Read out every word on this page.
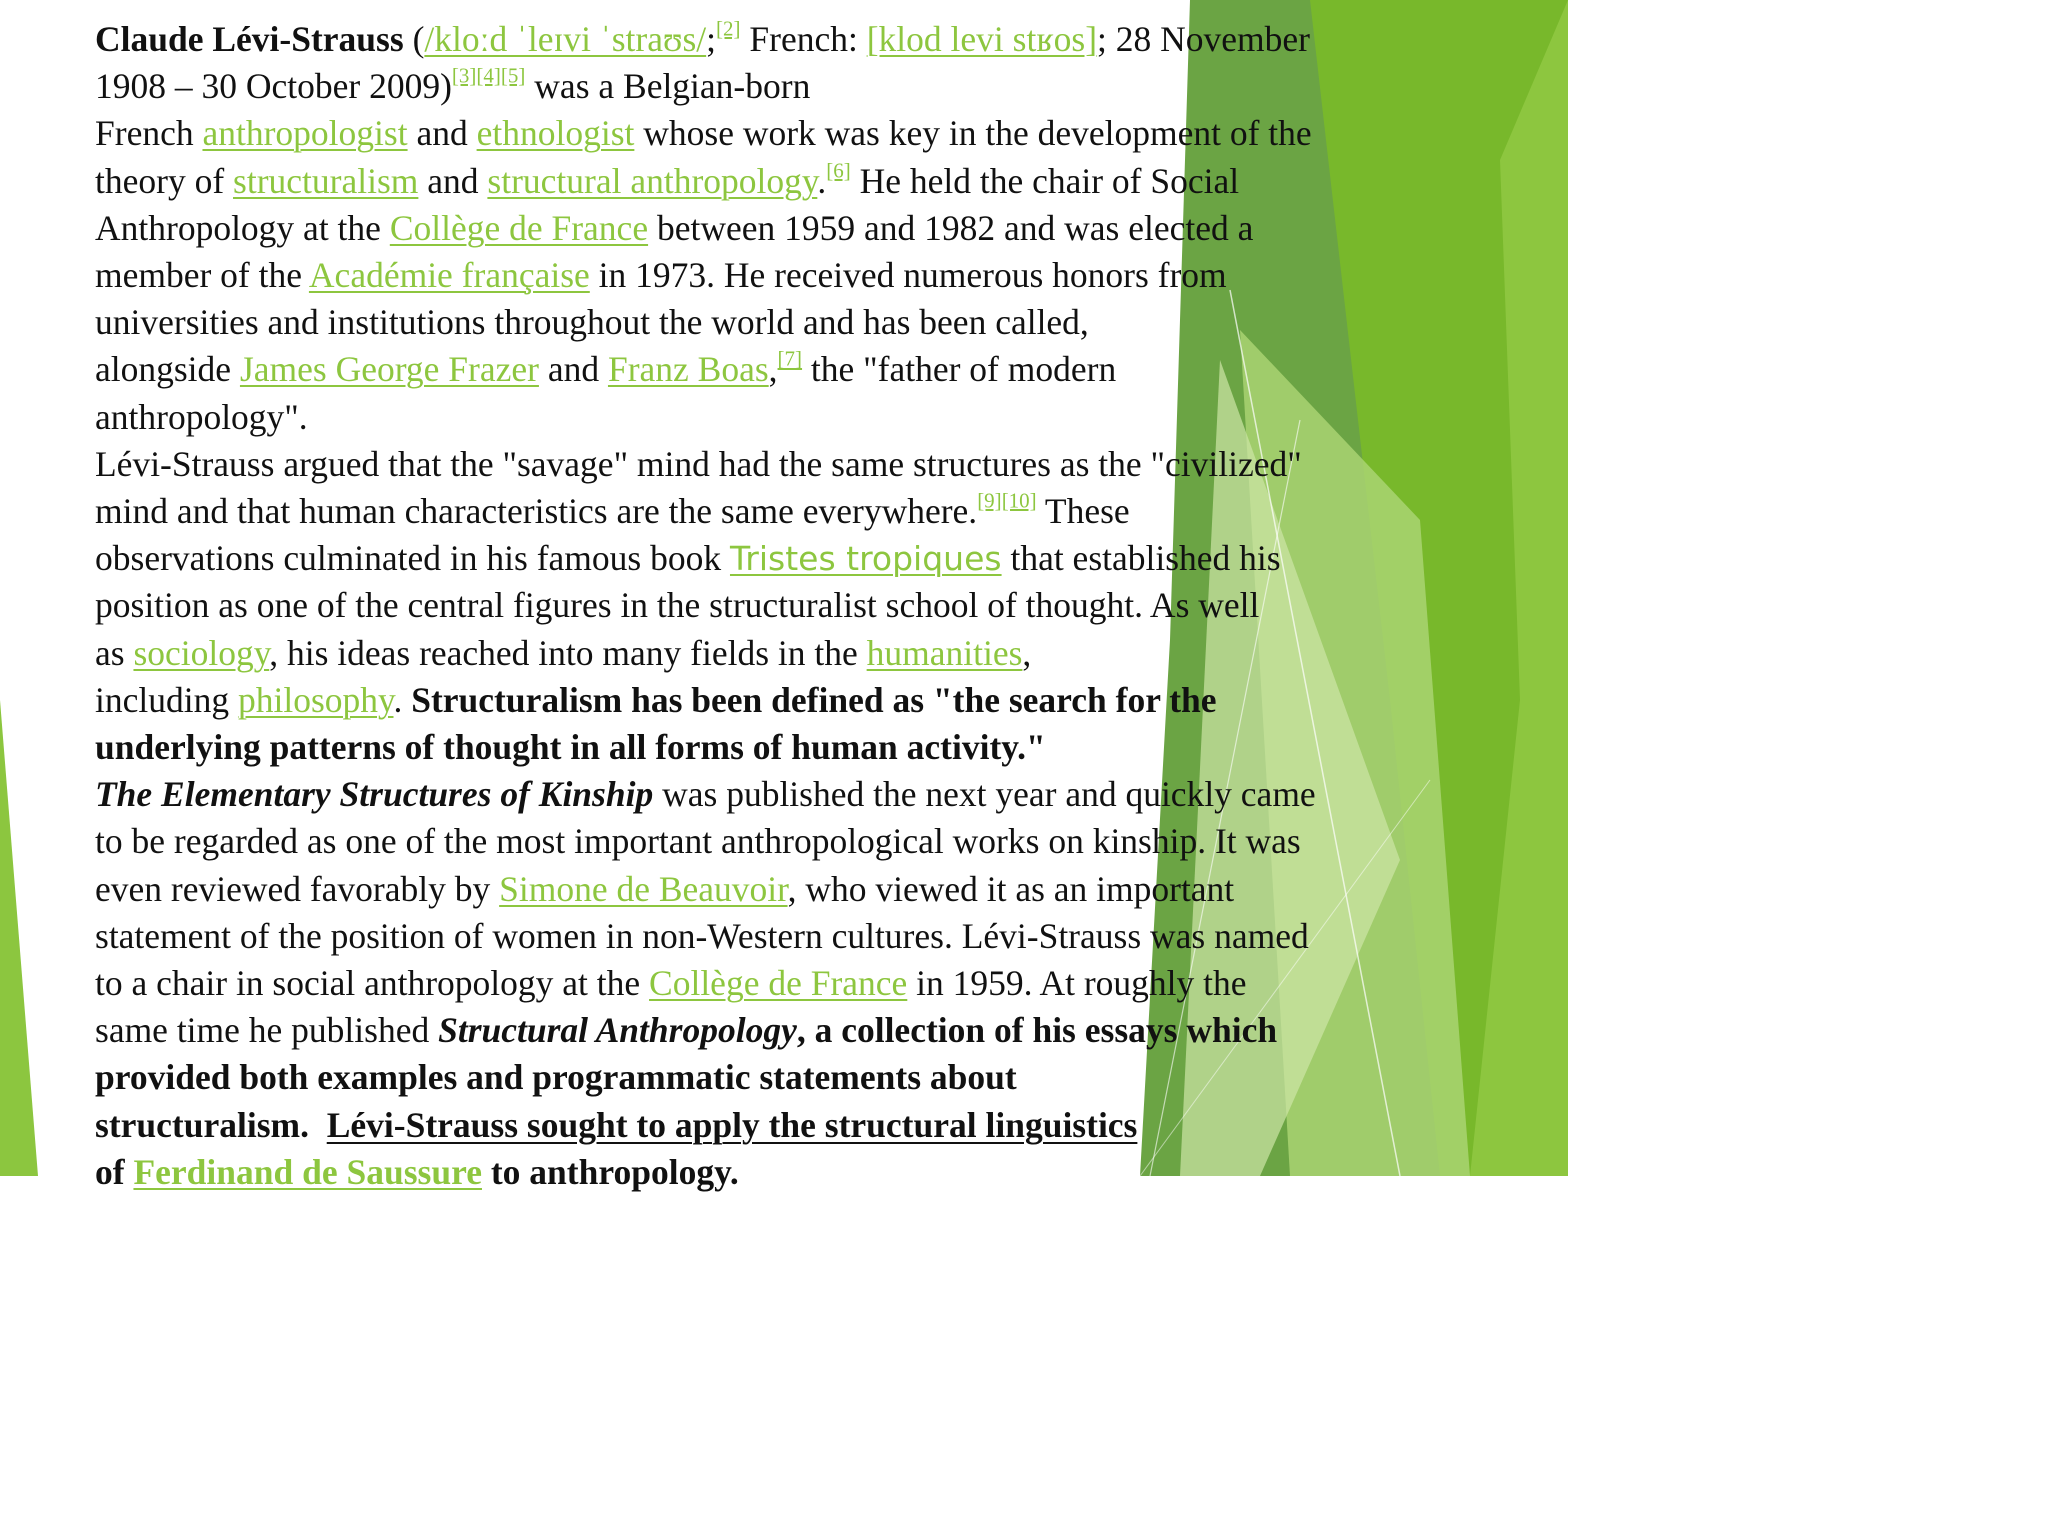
Claude Lévi-Strauss (/kloːd ˈleɪvi ˈstraʊs/;[2] French: [klod levi stʁos]; 28 November
1908 – 30 October 2009)[3][4][5] was a Belgian-born
French anthropologist and ethnologist whose work was key in the development of the
theory of structuralism and structural anthropology.[6] He held the chair of Social
Anthropology at the Collège de France between 1959 and 1982 and was elected a
member of the Académie française in 1973. He received numerous honors from
universities and institutions throughout the world and has been called,
alongside James George Frazer and Franz Boas,[7] the "father of modern
anthropology".
Lévi-Strauss argued that the "savage" mind had the same structures as the "civilized"
mind and that human characteristics are the same everywhere.[9][10] These
observations culminated in his famous book Tristes tropiques that established his
position as one of the central figures in the structuralist school of thought. As well
as sociology, his ideas reached into many fields in the humanities,
including philosophy. Structuralism has been defined as "the search for the
underlying patterns of thought in all forms of human activity."
The Elementary Structures of Kinship was published the next year and quickly came
to be regarded as one of the most important anthropological works on kinship. It was
even reviewed favorably by Simone de Beauvoir, who viewed it as an important
statement of the position of women in non-Western cultures. Lévi-Strauss was named
to a chair in social anthropology at the Collège de France in 1959. At roughly the
same time he published Structural Anthropology, a collection of his essays which
provided both examples and programmatic statements about
structuralism.  Lévi-Strauss sought to apply the structural linguistics
of Ferdinand de Saussure to anthropology.
